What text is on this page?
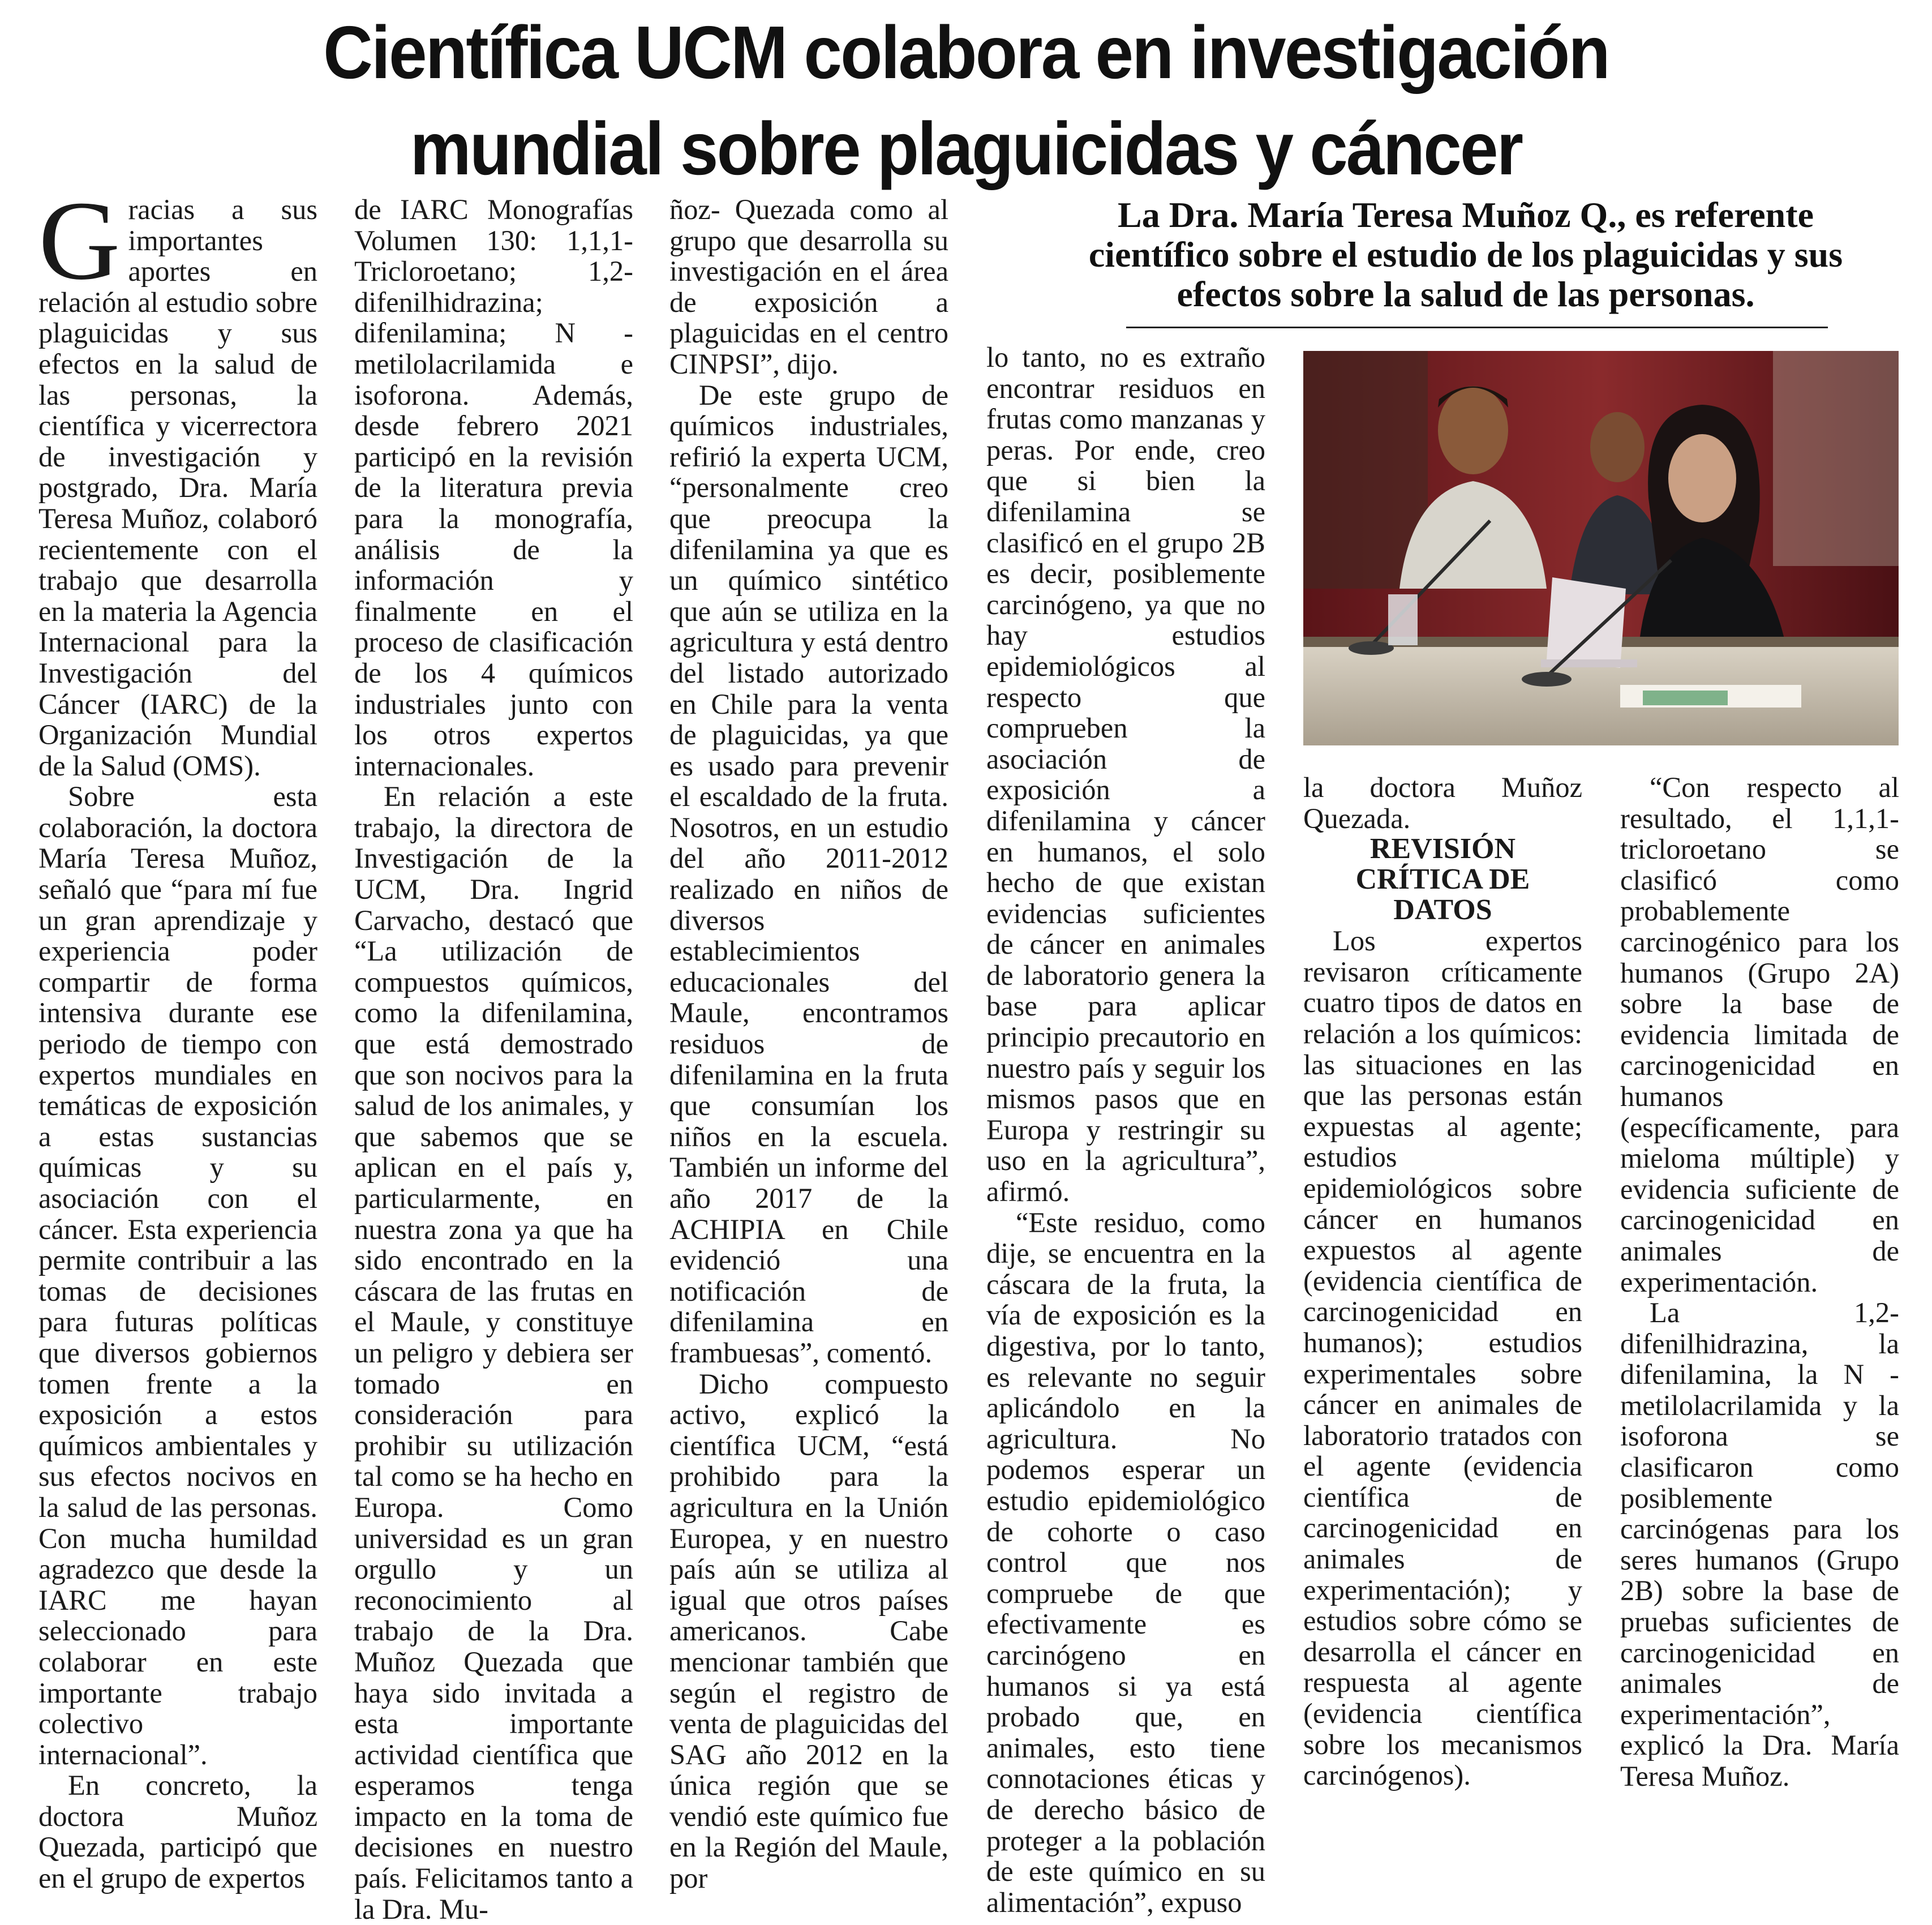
Científica UCM colabora en investigación
mundial sobre plaguicidas y cáncer

Gracias a sus importantes aportes en relación al estudio sobre plaguicidas y sus efectos en la salud de las personas, la científica y vicerrectora de investigación y postgrado, Dra. María Teresa Muñoz, colaboró recientemente con el trabajo que desarrolla en la materia la Agencia Internacional para la Investigación del Cáncer (IARC) de la Organización Mundial de la Salud (OMS).

Sobre esta colaboración, la doctora María Teresa Muñoz, señaló que “para mí fue un gran aprendizaje y experiencia poder compartir de forma intensiva durante ese periodo de tiempo con expertos mundiales en temáticas de exposición a estas sustancias químicas y su asociación con el cáncer. Esta experiencia permite contribuir a las tomas de decisiones para futuras políticas que diversos gobiernos tomen frente a la exposición a estos químicos ambientales y sus efectos nocivos en la salud de las personas. Con mucha humildad agradezco que desde la IARC me hayan seleccionado para colaborar en este importante trabajo colectivo internacional”.

En concreto, la doctora Muñoz Quezada, participó que en el grupo de expertos

de IARC Monografías Volumen 130: 1,1,1-Tricloroetano; 1,2-difenilhidrazina; difenilamina; N -metilolacrilamida e isoforona. Además, desde febrero 2021 participó en la revisión de la literatura previa para la monografía, análisis de la información y finalmente en el proceso de clasificación de los 4 químicos industriales junto con los otros expertos internacionales.

En relación a este trabajo, la directora de Investigación de la UCM, Dra. Ingrid Carvacho, destacó que “La utilización de compuestos químicos, como la difenilamina, que está demostrado que son nocivos para la salud de los animales, y que sabemos que se aplican en el país y, particularmente, en nuestra zona ya que ha sido encontrado en la cáscara de las frutas en el Maule, y constituye un peligro y debiera ser tomado en consideración para prohibir su utilización tal como se ha hecho en Europa. Como universidad es un gran orgullo y un reconocimiento al trabajo de la Dra. Muñoz Quezada que haya sido invitada a esta importante actividad científica que esperamos tenga impacto en la toma de decisiones en nuestro país. Felicitamos tanto a la Dra. Mu-

ñoz- Quezada como al grupo que desarrolla su investigación en el área de exposición a plaguicidas en el centro CINPSI”, dijo.

De este grupo de químicos industriales, refirió la experta UCM, “personalmente creo que preocupa la difenilamina ya que es un químico sintético que aún se utiliza en la agricultura y está dentro del listado autorizado en Chile para la venta de plaguicidas, ya que es usado para prevenir el escaldado de la fruta. Nosotros, en un estudio del año 2011-2012 realizado en niños de diversos establecimientos educacionales del Maule, encontramos residuos de difenilamina en la fruta que consumían los niños en la escuela. También un informe del año 2017 de la ACHIPIA en Chile evidenció una notificación de difenilamina en frambuesas”, comentó.

Dicho compuesto activo, explicó la científica UCM, “está prohibido para la agricultura en la Unión Europea, y en nuestro país aún se utiliza al igual que otros países americanos. Cabe mencionar también que según el registro de venta de plaguicidas del SAG año 2012 en la única región que se vendió este químico fue en la Región del Maule, por

La Dra. María Teresa Muñoz Q., es referente científico sobre el estudio de los plaguicidas y sus efectos sobre la salud de las personas.

lo tanto, no es extraño encontrar residuos en frutas como manzanas y peras. Por ende, creo que si bien la difenilamina se clasificó en el grupo 2B es decir, posiblemente carcinógeno, ya que no hay estudios epidemiológicos al respecto que comprueben la asociación de exposición a difenilamina y cáncer en humanos, el solo hecho de que existan evidencias suficientes de cáncer en animales de laboratorio genera la base para aplicar principio precautorio en nuestro país y seguir los mismos pasos que en Europa y restringir su uso en la agricultura”, afirmó.

“Este residuo, como dije, se encuentra en la cáscara de la fruta, la vía de exposición es la digestiva, por lo tanto, es relevante no seguir aplicándolo en la agricultura. No podemos esperar un estudio epidemiológico de cohorte o caso control que nos compruebe de que efectivamente es carcinógeno en humanos si ya está probado que, en animales, esto tiene connotaciones éticas y de derecho básico de proteger a la población de este químico en su alimentación”, expuso

la doctora Muñoz Quezada.

REVISIÓN CRÍTICA DE DATOS

Los expertos revisaron críticamente cuatro tipos de datos en relación a los químicos: las situaciones en las que las personas están expuestas al agente; estudios epidemiológicos sobre cáncer en humanos expuestos al agente (evidencia científica de carcinogenicidad en humanos); estudios experimentales sobre cáncer en animales de laboratorio tratados con el agente (evidencia científica de carcinogenicidad en animales de experimentación); y estudios sobre cómo se desarrolla el cáncer en respuesta al agente (evidencia científica sobre los mecanismos carcinógenos).

“Con respecto al resultado, el 1,1,1-tricloroetano se clasificó como probablemente carcinogénico para los humanos (Grupo 2A) sobre la base de evidencia limitada de carcinogenicidad en humanos (específicamente, para mieloma múltiple) y evidencia suficiente de carcinogenicidad en animales de experimentación.

La 1,2-difenilhidrazina, la difenilamina, la N -metilolacrilamida y la isoforona se clasificaron como posiblemente carcinógenas para los seres humanos (Grupo 2B) sobre la base de pruebas suficientes de carcinogenicidad en animales de experimentación”, explicó la Dra. María Teresa Muñoz.
